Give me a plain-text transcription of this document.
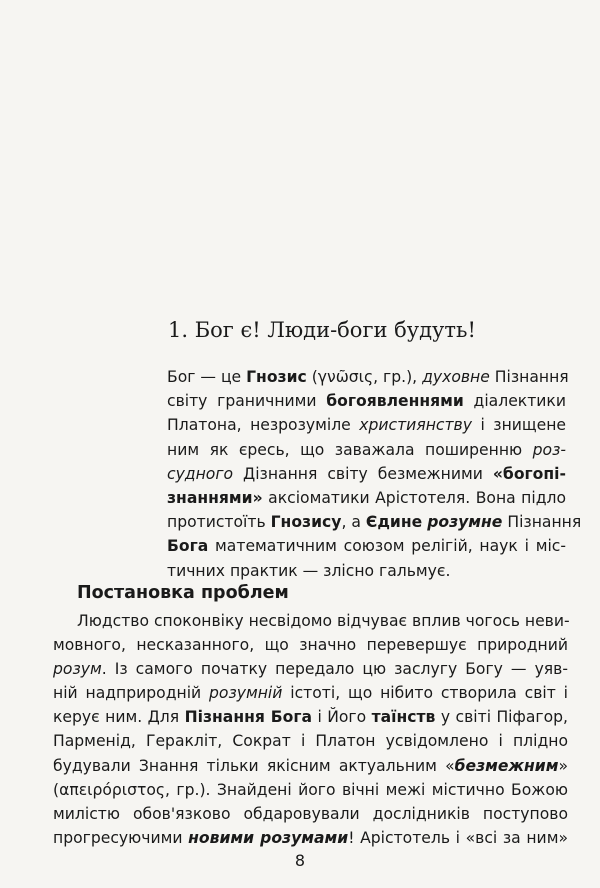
1. Бог є! Люди-боги будуть!
Бог — це Гнозис (γνῶσις, гр.), духовне Пізнання
світу граничними богоявленнями діалектики
Платона, незрозуміле християнству і знищене
ним як єресь, що заважала поширенню роз-
судного Дізнання світу безмежними «богопі-
знаннями» аксіоматики Арістотеля. Вона підло
протистоїть Гнозису, а Єдине розумне Пізнання
Бога математичним союзом релігій, наук і міс-
тичних практик — злісно гальмує.
Постановка проблем
Людство споконвіку несвідомо відчуває вплив чогось неви-
мовного, несказанного, що значно перевершує природний
розум. Із самого початку передало цю заслугу Богу — уяв-
ній надприродній розумній істоті, що нібито створила світ і
керує ним. Для Пізнання Бога і Його таїнств у світі Піфагор,
Парменід, Геракліт, Сократ і Платон усвідомлено і плідно
будували Знання тільки якісним актуальним «безмежним»
(απειρόριστος, гр.). Знайдені його вічні межі містично Божою
милістю обов'язково обдаровували дослідників поступово
прогресуючими новими розумами! Арістотель і «всі за ним»
8
